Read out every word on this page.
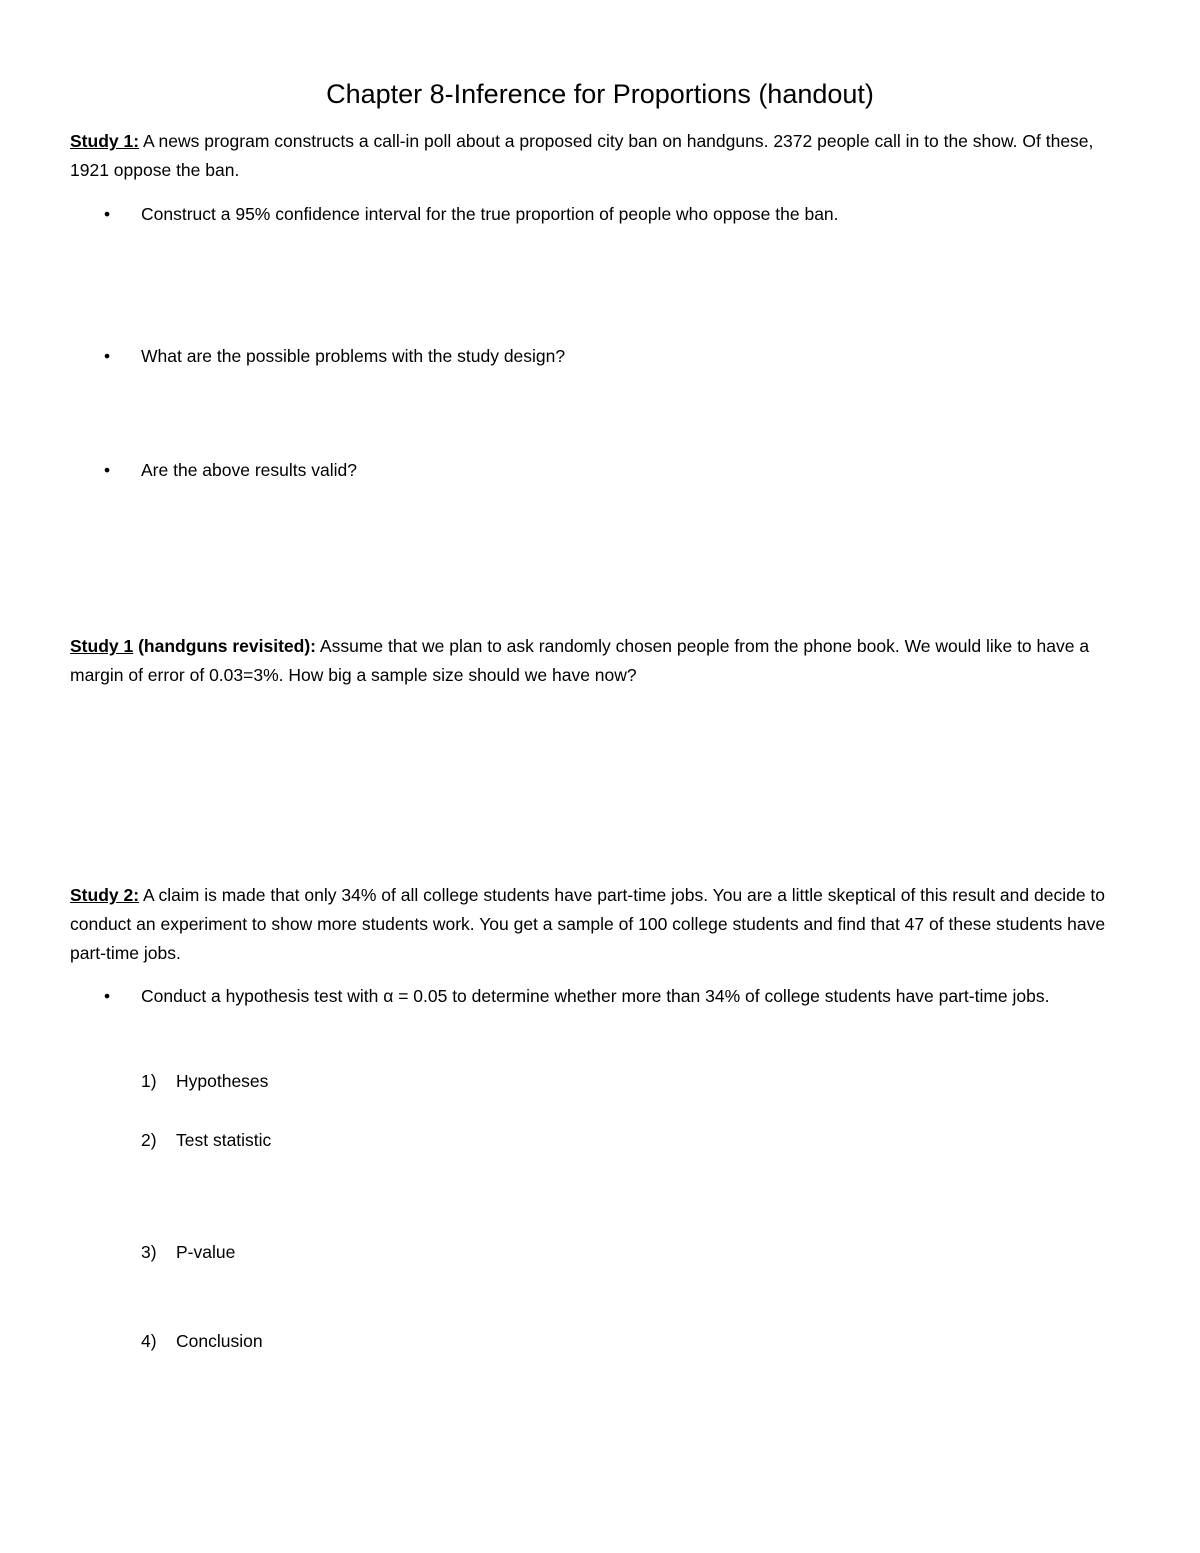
Chapter 8-Inference for Proportions (handout)
Study 1: A news program constructs a call-in poll about a proposed city ban on handguns. 2372 people call in to the show. Of these, 1921 oppose the ban.
• Construct a 95% confidence interval for the true proportion of people who oppose the ban.
• What are the possible problems with the study design?
• Are the above results valid?
Study 1 (handguns revisited): Assume that we plan to ask randomly chosen people from the phone book. We would like to have a margin of error of 0.03=3%. How big a sample size should we have now?
Study 2: A claim is made that only 34% of all college students have part-time jobs. You are a little skeptical of this result and decide to conduct an experiment to show more students work. You get a sample of 100 college students and find that 47 of these students have part-time jobs.
• Conduct a hypothesis test with α = 0.05 to determine whether more than 34% of college students have part-time jobs.
1) Hypotheses
2) Test statistic
3) P-value
4) Conclusion
